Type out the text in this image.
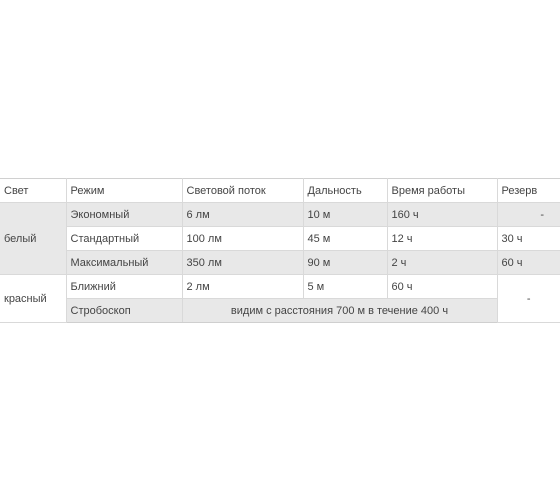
Свет	Режим	Световой поток	Дальность	Время работы	Резерв
белый	Экономный	6 лм	10 м	160 ч	-
	Стандартный	100 лм	45 м	12 ч	30 ч
	Максимальный	350 лм	90 м	2 ч	60 ч
красный	Ближний	2 лм	5 м	60 ч	-
	Стробоскоп	видим с расстояния 700 м в течение 400 ч			
